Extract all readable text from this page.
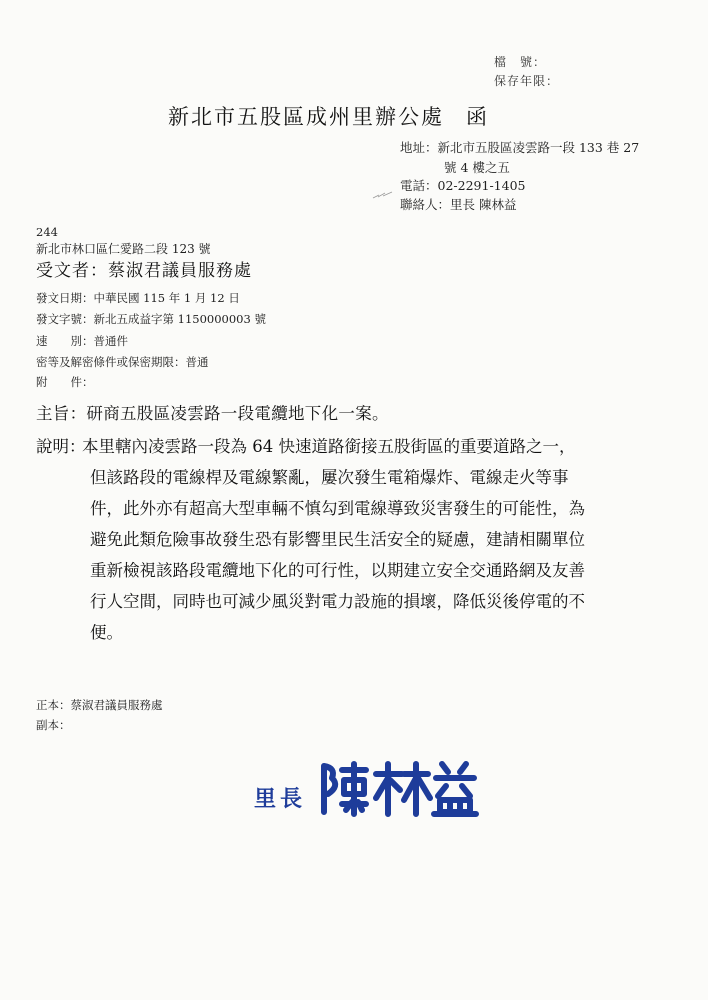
檔　號：
保存年限：
新北市五股區成州里辦公處 函
地址：新北市五股區凌雲路一段 133 巷 27
號 4 樓之五
電話：02-2291-1405
聯絡人：里長 陳林益
244
新北市林口區仁愛路二段 123 號
受文者：蔡淑君議員服務處
發文日期：中華民國 115 年 1 月 12 日
發文字號：新北五成益字第 1150000003 號
速　　別：普通件
密等及解密條件或保密期限：普通
附　　件：
主旨：研商五股區凌雲路一段電纜地下化一案。
說明：
本里轄內凌雲路一段為 64 快速道路銜接五股街區的重要道路之一，
但該路段的電線桿及電線繁亂，屢次發生電箱爆炸、電線走火等事
件，此外亦有超高大型車輛不慎勾到電線導致災害發生的可能性，為
避免此類危險事故發生恐有影響里民生活安全的疑慮，建請相關單位
重新檢視該路段電纜地下化的可行性，以期建立安全交通路網及友善
行人空間，同時也可減少風災對電力設施的損壞，降低災後停電的不
便。
正本：蔡淑君議員服務處
副本：
里長
